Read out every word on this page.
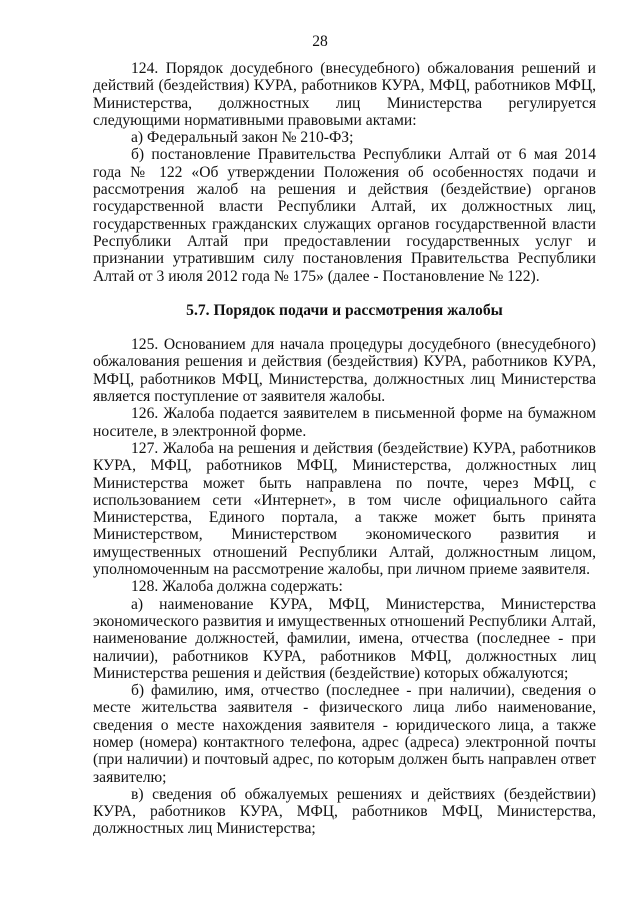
28

124. Порядок досудебного (внесудебного) обжалования решений и действий (бездействия) КУРА, работников КУРА, МФЦ, работников МФЦ, Министерства, должностных лиц Министерства регулируется следующими нормативными правовыми актами:

а) Федеральный закон № 210-ФЗ;

б) постановление Правительства Республики Алтай от 6 мая 2014 года № 122 «Об утверждении Положения об особенностях подачи и рассмотрения жалоб на решения и действия (бездействие) органов государственной власти Республики Алтай, их должностных лиц, государственных гражданских служащих органов государственной власти Республики Алтай при предоставлении государственных услуг и признании утратившим силу постановления Правительства Республики Алтай от 3 июля 2012 года № 175» (далее - Постановление № 122).

5.7. Порядок подачи и рассмотрения жалобы

125. Основанием для начала процедуры досудебного (внесудебного) обжалования решения и действия (бездействия) КУРА, работников КУРА, МФЦ, работников МФЦ, Министерства, должностных лиц Министерства является поступление от заявителя жалобы.

126. Жалоба подается заявителем в письменной форме на бумажном носителе, в электронной форме.

127. Жалоба на решения и действия (бездействие) КУРА, работников КУРА, МФЦ, работников МФЦ, Министерства, должностных лиц Министерства может быть направлена по почте, через МФЦ, с использованием сети «Интернет», в том числе официального сайта Министерства, Единого портала, а также может быть принята Министерством, Министерством экономического развития и имущественных отношений Республики Алтай, должностным лицом, уполномоченным на рассмотрение жалобы, при личном приеме заявителя.

128. Жалоба должна содержать:

а) наименование КУРА, МФЦ, Министерства, Министерства экономического развития и имущественных отношений Республики Алтай, наименование должностей, фамилии, имена, отчества (последнее - при наличии), работников КУРА, работников МФЦ, должностных лиц Министерства решения и действия (бездействие) которых обжалуются;

б) фамилию, имя, отчество (последнее - при наличии), сведения о месте жительства заявителя - физического лица либо наименование, сведения о месте нахождения заявителя - юридического лица, а также номер (номера) контактного телефона, адрес (адреса) электронной почты (при наличии) и почтовый адрес, по которым должен быть направлен ответ заявителю;

в) сведения об обжалуемых решениях и действиях (бездействии) КУРА, работников КУРА, МФЦ, работников МФЦ, Министерства, должностных лиц Министерства;
